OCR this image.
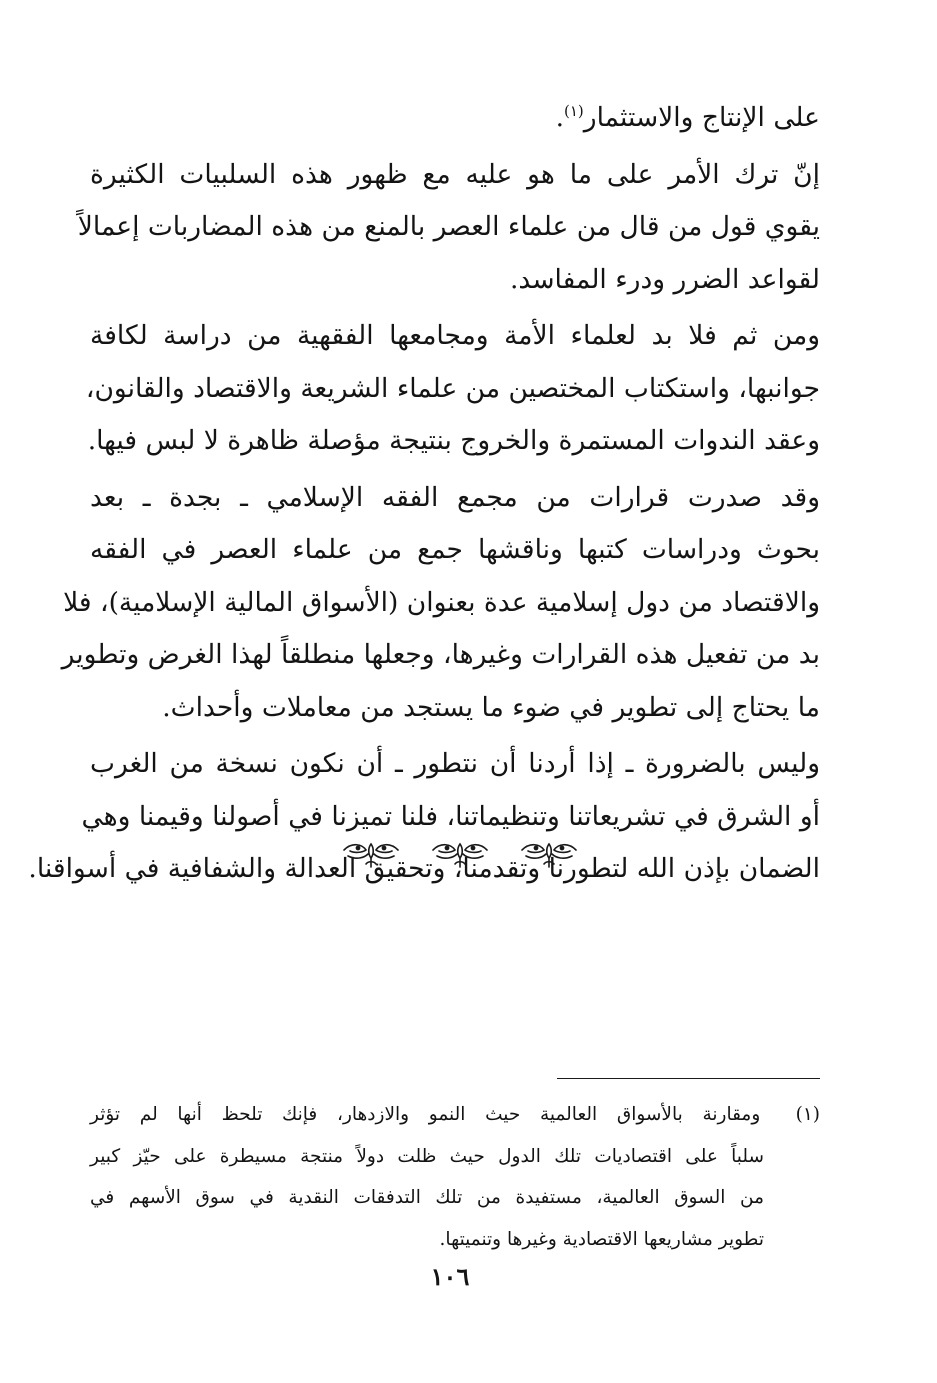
على الإنتاج والاستثمار$^{(١)}$.
إنّ ترك الأمر على ما هو عليه مع ظهور هذه السلبيات الكثيرة
يقوي قول من قال من علماء العصر بالمنع من هذه المضاربات إعمالاً
لقواعد الضرر ودرء المفاسد.
ومن ثم فلا بد لعلماء الأمة ومجامعها الفقهية من دراسة لكافة
جوانبها، واستكتاب المختصين من علماء الشريعة والاقتصاد والقانون،
وعقد الندوات المستمرة والخروج بنتيجة مؤصلة ظاهرة لا لبس فيها.
وقد صدرت قرارات من مجمع الفقه الإسلامي ـ بجدة ـ بعد
بحوث ودراسات كتبها وناقشها جمع من علماء العصر في الفقه
والاقتصاد من دول إسلامية عدة بعنوان (الأسواق المالية الإسلامية)، فلا
بد من تفعيل هذه القرارات وغيرها، وجعلها منطلقاً لهذا الغرض وتطوير
ما يحتاج إلى تطوير في ضوء ما يستجد من معاملات وأحداث.
وليس بالضرورة ـ إذا أردنا أن نتطور ـ أن نكون نسخة من الغرب
أو الشرق في تشريعاتنا وتنظيماتنا، فلنا تميزنا في أصولنا وقيمنا وهي
الضمان بإذن الله لتطورنا وتقدمنا، وتحقيق العدالة والشفافية في أسواقنا.
(١) ومقارنة بالأسواق العالمية حيث النمو والازدهار، فإنك تلحظ أنها لم تؤثر
سلباً على اقتصاديات تلك الدول حيث ظلت دولاً منتجة مسيطرة على حيّز كبير
من السوق العالمية، مستفيدة من تلك التدفقات النقدية في سوق الأسهم في
تطوير مشاريعها الاقتصادية وغيرها وتنميتها.
١٠٦
